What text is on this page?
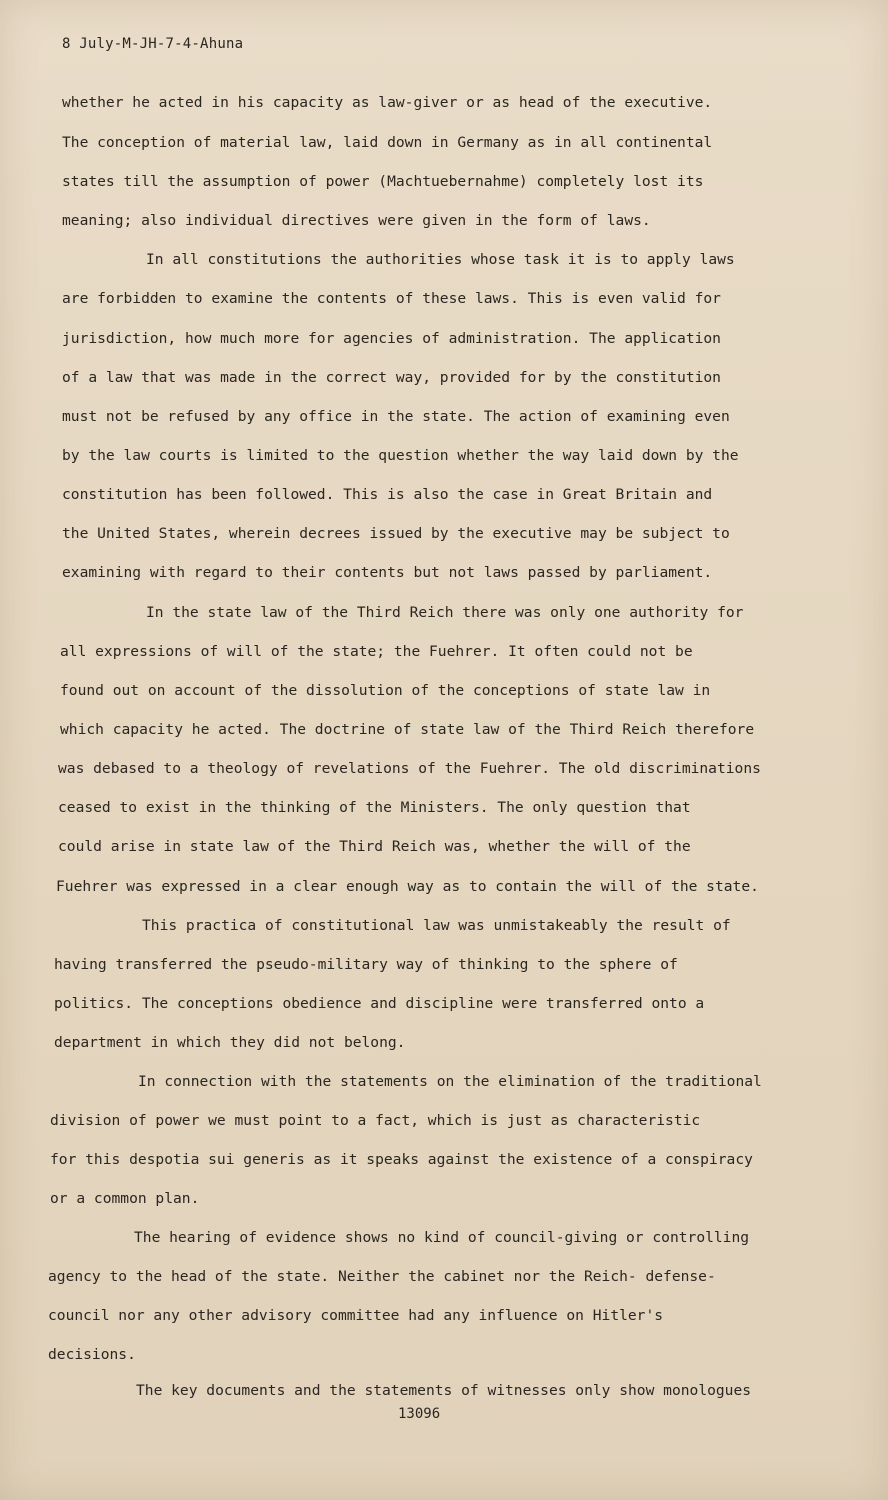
8 July-M-JH-7-4-Ahuna
whether he acted in his capacity as law-giver or as head of the executive.
The conception of material law, laid down in Germany as in all continental
states till the assumption of power (Machtuebernahme) completely lost its
meaning; also individual directives were given in the form of laws.
In all constitutions the authorities whose task it is to apply laws
are forbidden to examine the contents of these laws. This is even valid for
jurisdiction, how much more for agencies of administration. The application
of a law that was made in the correct way, provided for by the constitution
must not be refused by any office in the state. The action of examining even
by the law courts is limited to the question whether the way laid down by the
constitution has been followed. This is also the case in Great Britain and
the United States, wherein decrees issued by the executive may be subject to
examining with regard to their contents but not laws passed by parliament.
In the state law of the Third Reich there was only one authority for
all expressions of will of the state; the Fuehrer. It often could not be
found out on account of the dissolution of the conceptions of state law in
which capacity he acted. The doctrine of state law of the Third Reich therefore
was debased to a theology of revelations of the Fuehrer. The old discriminations
ceased to exist in the thinking of the Ministers. The only question that
could arise in state law of the Third Reich was, whether the will of the
Fuehrer was expressed in a clear enough way as to contain the will of the state.
This practica of constitutional law was unmistakeably the result of
having transferred the pseudo-military way of thinking to the sphere of
politics. The conceptions obedience and discipline were transferred onto a
department in which they did not belong.
In connection with the statements on the elimination of the traditional
division of power we must point to a fact, which is just as characteristic
for this despotia sui generis as it speaks against the existence of a conspiracy
or a common plan.
The hearing of evidence shows no kind of council-giving or controlling
agency to the head of the state. Neither the cabinet nor the Reich- defense-
council nor any other advisory committee had any influence on Hitler's
decisions.
The key documents and the statements of witnesses only show monologues
13096
